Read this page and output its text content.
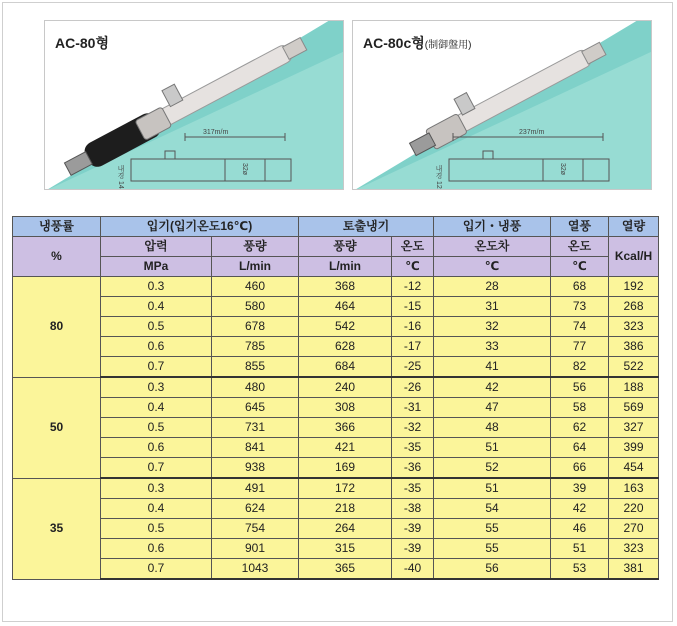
AC-80형
317m/m
내경 14	32ø
AC-80c형(制御盤用)
237m/m
내경 12	32ø
냉풍률	입기(입기온도16℃)		토출냉기		입기・냉풍	열풍	열량
%	압력	풍량	풍량	온도	온도차	온도	Kcal/H
	MPa	L/min	L/min	℃	℃	℃	
80	0.3	460	368	-12	28	68	192
	0.4	580	464	-15	31	73	268
	0.5	678	542	-16	32	74	323
	0.6	785	628	-17	33	77	386
	0.7	855	684	-25	41	82	522
50	0.3	480	240	-26	42	56	188
	0.4	645	308	-31	47	58	569
	0.5	731	366	-32	48	62	327
	0.6	841	421	-35	51	64	399
	0.7	938	169	-36	52	66	454
35	0.3	491	172	-35	51	39	163
	0.4	624	218	-38	54	42	220
	0.5	754	264	-39	55	46	270
	0.6	901	315	-39	55	51	323
	0.7	1043	365	-40	56	53	381
